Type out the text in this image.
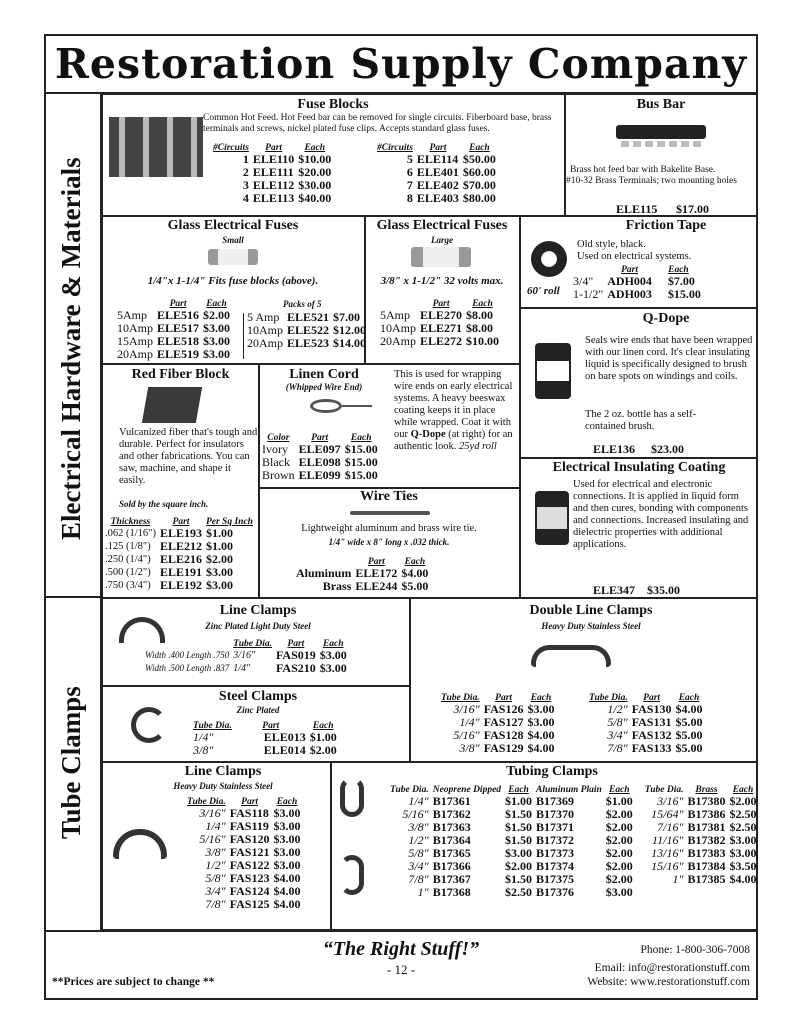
Restoration Supply Company
Electrical Hardware & Materials
Tube Clamps
Fuse Blocks
Common Hot Feed. Hot Feed bar can be removed for single circuits. Fiberboard base, brass terminals and screws, nickel plated fuse clips. Accepts standard glass fuses.
#Circuits	Part	Each
1	ELE110	$10.00
2	ELE111	$20.00
3	ELE112	$30.00
4	ELE113	$40.00
#Circuits	Part	Each
5	ELE114	$50.00
6	ELE401	$60.00
7	ELE402	$70.00
8	ELE403	$80.00
Bus Bar
Brass hot feed bar with Bakelite Base.
#10-32 Brass Terminals; two mounting holes
ELE115 $17.00
Glass Electrical Fuses
Small
1/4"x 1-1/4" Fits fuse blocks (above).
	Part	Each
5Amp	ELE516	$2.00
10Amp	ELE517	$3.00
15Amp	ELE518	$3.00
20Amp	ELE519	$3.00
Packs of 5
5 Amp	ELE521	$7.00
10Amp	ELE522	$12.00
20Amp	ELE523	$14.00
Glass Electrical Fuses
Large
3/8" x 1-1/2" 32 volts max.
	Part	Each
5Amp	ELE270	$8.00
10Amp	ELE271	$8.00
20Amp	ELE272	$10.00
Friction Tape
Old style, black.
Used on electrical systems.
60' roll
	Part	Each
3/4"	ADH004	$7.00
1-1/2"	ADH003	$15.00
Q-Dope
Seals wire ends that have been wrapped with our linen cord. It's clear insulating liquid is specifically designed to brush on bare spots on windings and coils.
The 2 oz. bottle has a self-contained brush.
ELE136 $23.00
Red Fiber Block
Vulcanized fiber that's tough and durable. Perfect for insulators and other fabrications. You can saw, machine, and shape it easily.
Sold by the square inch.
Thickness	Part	Per Sq Inch
.062 (1/16")	ELE193	$1.00
.125 (1/8")	ELE212	$1.00
.250 (1/4")	ELE216	$2.00
.500 (1/2")	ELE191	$3.00
.750 (3/4")	ELE192	$3.00
Linen Cord
(Whipped Wire End)
This is used for wrapping wire ends on early electrical systems. A heavy beeswax coating keeps it in place while wrapped. Coat it with our Q-Dope (at right) for an authentic look. 25yd roll
Color	Part	Each
Ivory	ELE097	$15.00
Black	ELE098	$15.00
Brown	ELE099	$15.00
Wire Ties
Lightweight aluminum and brass wire tie.
1/4" wide x 8" long x .032 thick.
	Part	Each
Aluminum	ELE172	$4.00
Brass	ELE244	$5.00
Electrical Insulating Coating
Used for electrical and electronic connections. It is applied in liquid form and then cures, bonding with components and connections. Increased insulating and dielectric properties with additional applications.
ELE347 $35.00
Line Clamps
Zinc Plated Light Duty Steel
	Tube Dia.	Part	Each
Width .400 Length .750	3/16"	FAS019	$3.00
Width .500 Length .837	1/4"	FAS210	$3.00
Steel Clamps
Zinc Plated
Tube Dia.	Part	Each
1/4"	ELE013	$1.00
3/8"	ELE014	$2.00
Double Line Clamps
Heavy Duty Stainless Steel
Tube Dia.	Part	Each
3/16"	FAS126	$3.00
1/4"	FAS127	$3.00
5/16"	FAS128	$4.00
3/8"	FAS129	$4.00
Tube Dia.	Part	Each
1/2"	FAS130	$4.00
5/8"	FAS131	$5.00
3/4"	FAS132	$5.00
7/8"	FAS133	$5.00
Line Clamps
Heavy Duty Stainless Steel
Tube Dia.	Part	Each
3/16"	FAS118	$3.00
1/4"	FAS119	$3.00
5/16"	FAS120	$3.00
3/8"	FAS121	$3.00
1/2"	FAS122	$3.00
5/8"	FAS123	$4.00
3/4"	FAS124	$4.00
7/8"	FAS125	$4.00
Tubing Clamps
Tube Dia.	Neoprene Dipped	Each	Aluminum Plain	Each	Tube Dia.	Brass	Each
1/4"	B17361	$1.00	B17369	$1.00	3/16"	B17380	$2.00
5/16"	B17362	$1.50	B17370	$2.00	15/64"	B17386	$2.50
3/8"	B17363	$1.50	B17371	$2.00	7/16"	B17381	$2.50
1/2"	B17364	$1.50	B17372	$2.00	11/16"	B17382	$3.00
5/8"	B17365	$3.00	B17373	$2.00	13/16"	B17383	$3.00
3/4"	B17366	$2.00	B17374	$2.00	15/16"	B17384	$3.50
7/8"	B17367	$1.50	B17375	$2.00	1"	B17385	$4.00
1"	B17368	$2.50	B17376	$3.00			
“The Right Stuff!”
- 12 -
**Prices are subject to change **
Phone: 1-800-306-7008
Email: info@restorationstuff.com
Website: www.restorationstuff.com
